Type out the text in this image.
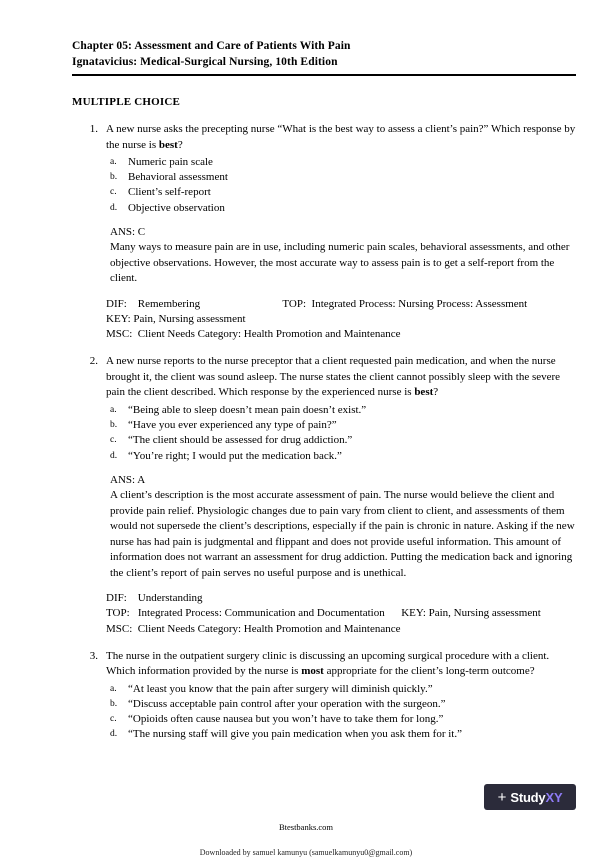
Chapter 05: Assessment and Care of Patients With Pain
Ignatavicius: Medical-Surgical Nursing, 10th Edition
MULTIPLE CHOICE
1. A new nurse asks the precepting nurse “What is the best way to assess a client’s pain?” Which response by the nurse is best?

a.	Numeric pain scale
b. Behavioral assessment
c.	Client’s self-report
d. Objective observation
ANS: C
Many ways to measure pain are in use, including numeric pain scales, behavioral assessments, and other objective observations. However, the most accurate way to assess pain is to get a self-report from the client.
DIF:    Remembering                              TOP:  Integrated Process: Nursing Process: Assessment
KEY: Pain, Nursing assessment
MSC:  Client Needs Category: Health Promotion and Maintenance
2. A new nurse reports to the nurse preceptor that a client requested pain medication, and when the nurse brought it, the client was sound asleep. The nurse states the client cannot possibly sleep with the severe pain the client described. Which response by the experienced nurse is best?

a.	“Being able to sleep doesn’t mean pain doesn’t exist.”
b. “Have you ever experienced any type of pain?”
c.	“The client should be assessed for drug addiction.”
d. “You’re right; I would put the medication back.”
ANS: A
A client’s description is the most accurate assessment of pain. The nurse would believe the client and provide pain relief. Physiologic changes due to pain vary from client to client, and assessments of them would not supersede the client’s descriptions, especially if the pain is chronic in nature. Asking if the new nurse has had pain is judgmental and flippant and does not provide useful information. This amount of information does not warrant an assessment for drug addiction. Putting the medication back and ignoring the client’s report of pain serves no useful purpose and is unethical.
DIF:    Understanding
TOP:   Integrated Process: Communication and Documentation      KEY: Pain, Nursing assessment
MSC:  Client Needs Category: Health Promotion and Maintenance
3. The nurse in the outpatient surgery clinic is discussing an upcoming surgical procedure with a client. Which information provided by the nurse is most appropriate for the client’s long-term outcome?

a.	“At least you know that the pain after surgery will diminish quickly.”
b. “Discuss acceptable pain control after your operation with the surgeon.”
c.	“Opioids often cause nausea but you won’t have to take them for long.”
d. “The nursing staff will give you pain medication when you ask them for it.”
+ StudyXY
Btestbanks.com
Downloaded by samuel kamunyu (samuelkamunyu0@gmail.com)
